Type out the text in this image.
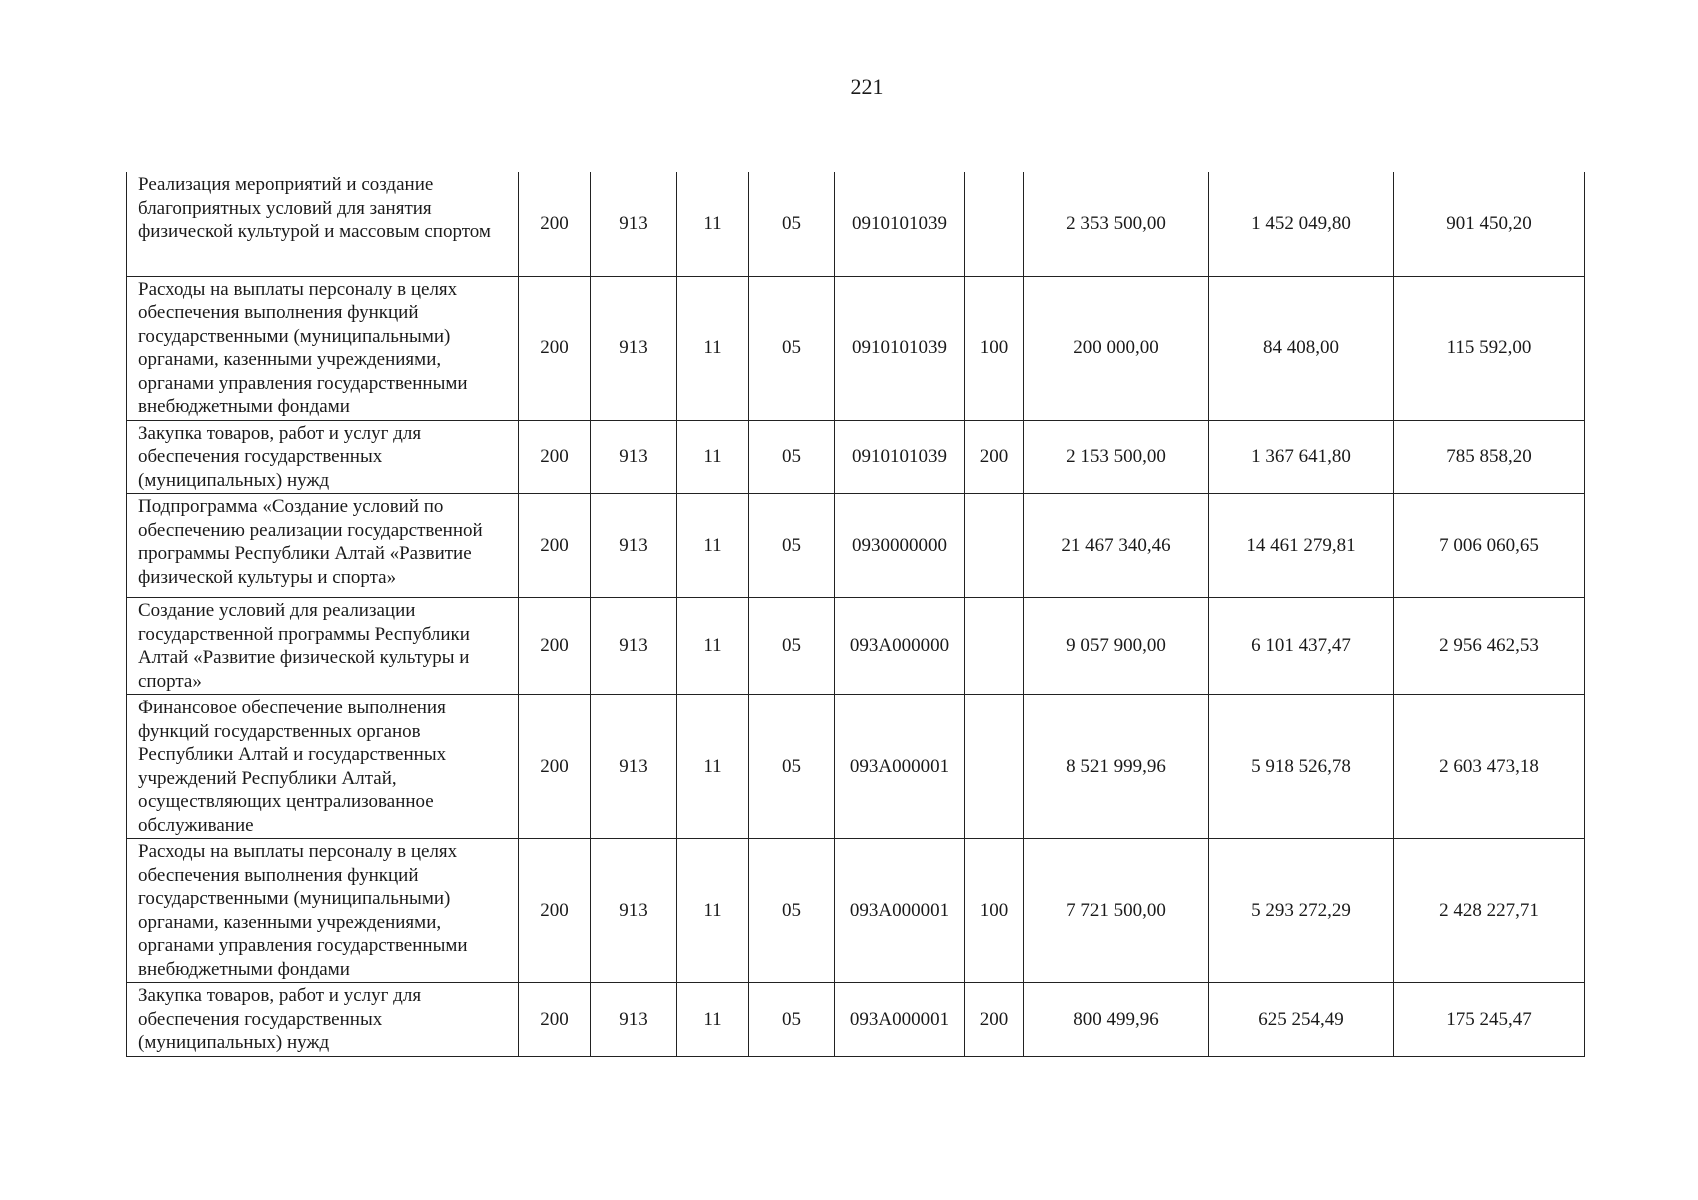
221
Реализация мероприятий и создание благоприятных условий для занятия физической культурой и массовым спортом	200	913	11	05	0910101039		2 353 500,00	1 452 049,80	901 450,20
Расходы на выплаты персоналу в целях обеспечения выполнения функций государственными (муниципальными) органами, казенными учреждениями, органами управления государственными внебюджетными фондами	200	913	11	05	0910101039	100	200 000,00	84 408,00	115 592,00
Закупка товаров, работ и услуг для обеспечения государственных (муниципальных) нужд	200	913	11	05	0910101039	200	2 153 500,00	1 367 641,80	785 858,20
Подпрограмма «Создание условий по обеспечению реализации государственной программы Республики Алтай «Развитие физической культуры и спорта»	200	913	11	05	0930000000		21 467 340,46	14 461 279,81	7 006 060,65
Создание условий для реализации государственной программы Республики Алтай «Развитие физической культуры и спорта»	200	913	11	05	093A000000		9 057 900,00	6 101 437,47	2 956 462,53
Финансовое обеспечение выполнения функций государственных органов Республики Алтай и государственных учреждений Республики Алтай, осуществляющих централизованное обслуживание	200	913	11	05	093A000001		8 521 999,96	5 918 526,78	2 603 473,18
Расходы на выплаты персоналу в целях обеспечения выполнения функций государственными (муниципальными) органами, казенными учреждениями, органами управления государственными внебюджетными фондами	200	913	11	05	093A000001	100	7 721 500,00	5 293 272,29	2 428 227,71
Закупка товаров, работ и услуг для обеспечения государственных (муниципальных) нужд	200	913	11	05	093A000001	200	800 499,96	625 254,49	175 245,47
